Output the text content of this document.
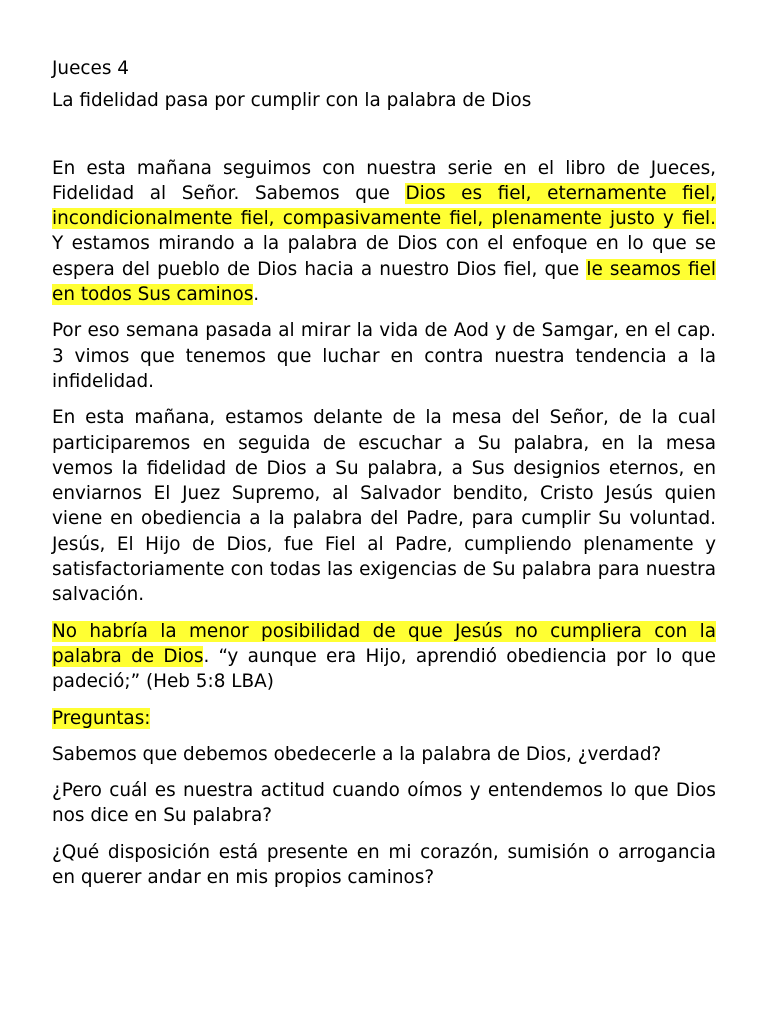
Jueces 4

La fidelidad pasa por cumplir con la palabra de Dios

En esta mañana seguimos con nuestra serie en el libro de Jueces, Fidelidad al Señor. Sabemos que Dios es fiel, eternamente fiel, incondicionalmente fiel, compasivamente fiel, plenamente justo y fiel. Y estamos mirando a la palabra de Dios con el enfoque en lo que se espera del pueblo de Dios hacia a nuestro Dios fiel, que le seamos fiel en todos Sus caminos.

Por eso semana pasada al mirar la vida de Aod y de Samgar, en el cap. 3 vimos que tenemos que luchar en contra nuestra tendencia a la infidelidad.

En esta mañana, estamos delante de la mesa del Señor, de la cual participaremos en seguida de escuchar a Su palabra, en la mesa vemos la fidelidad de Dios a Su palabra, a Sus designios eternos, en enviarnos El Juez Supremo, al Salvador bendito, Cristo Jesús quien viene en obediencia a la palabra del Padre, para cumplir Su voluntad. Jesús, El Hijo de Dios, fue Fiel al Padre, cumpliendo plenamente y satisfactoriamente con todas las exigencias de Su palabra para nuestra salvación.

No habría la menor posibilidad de que Jesús no cumpliera con la palabra de Dios. “y aunque era Hijo, aprendió obediencia por lo que padeció;” (Heb 5:8 LBA)

Preguntas:

Sabemos que debemos obedecerle a la palabra de Dios, ¿verdad?

¿Pero cuál es nuestra actitud cuando oímos y entendemos lo que Dios nos dice en Su palabra?

¿Qué disposición está presente en mi corazón, sumisión o arrogancia en querer andar en mis propios caminos?
